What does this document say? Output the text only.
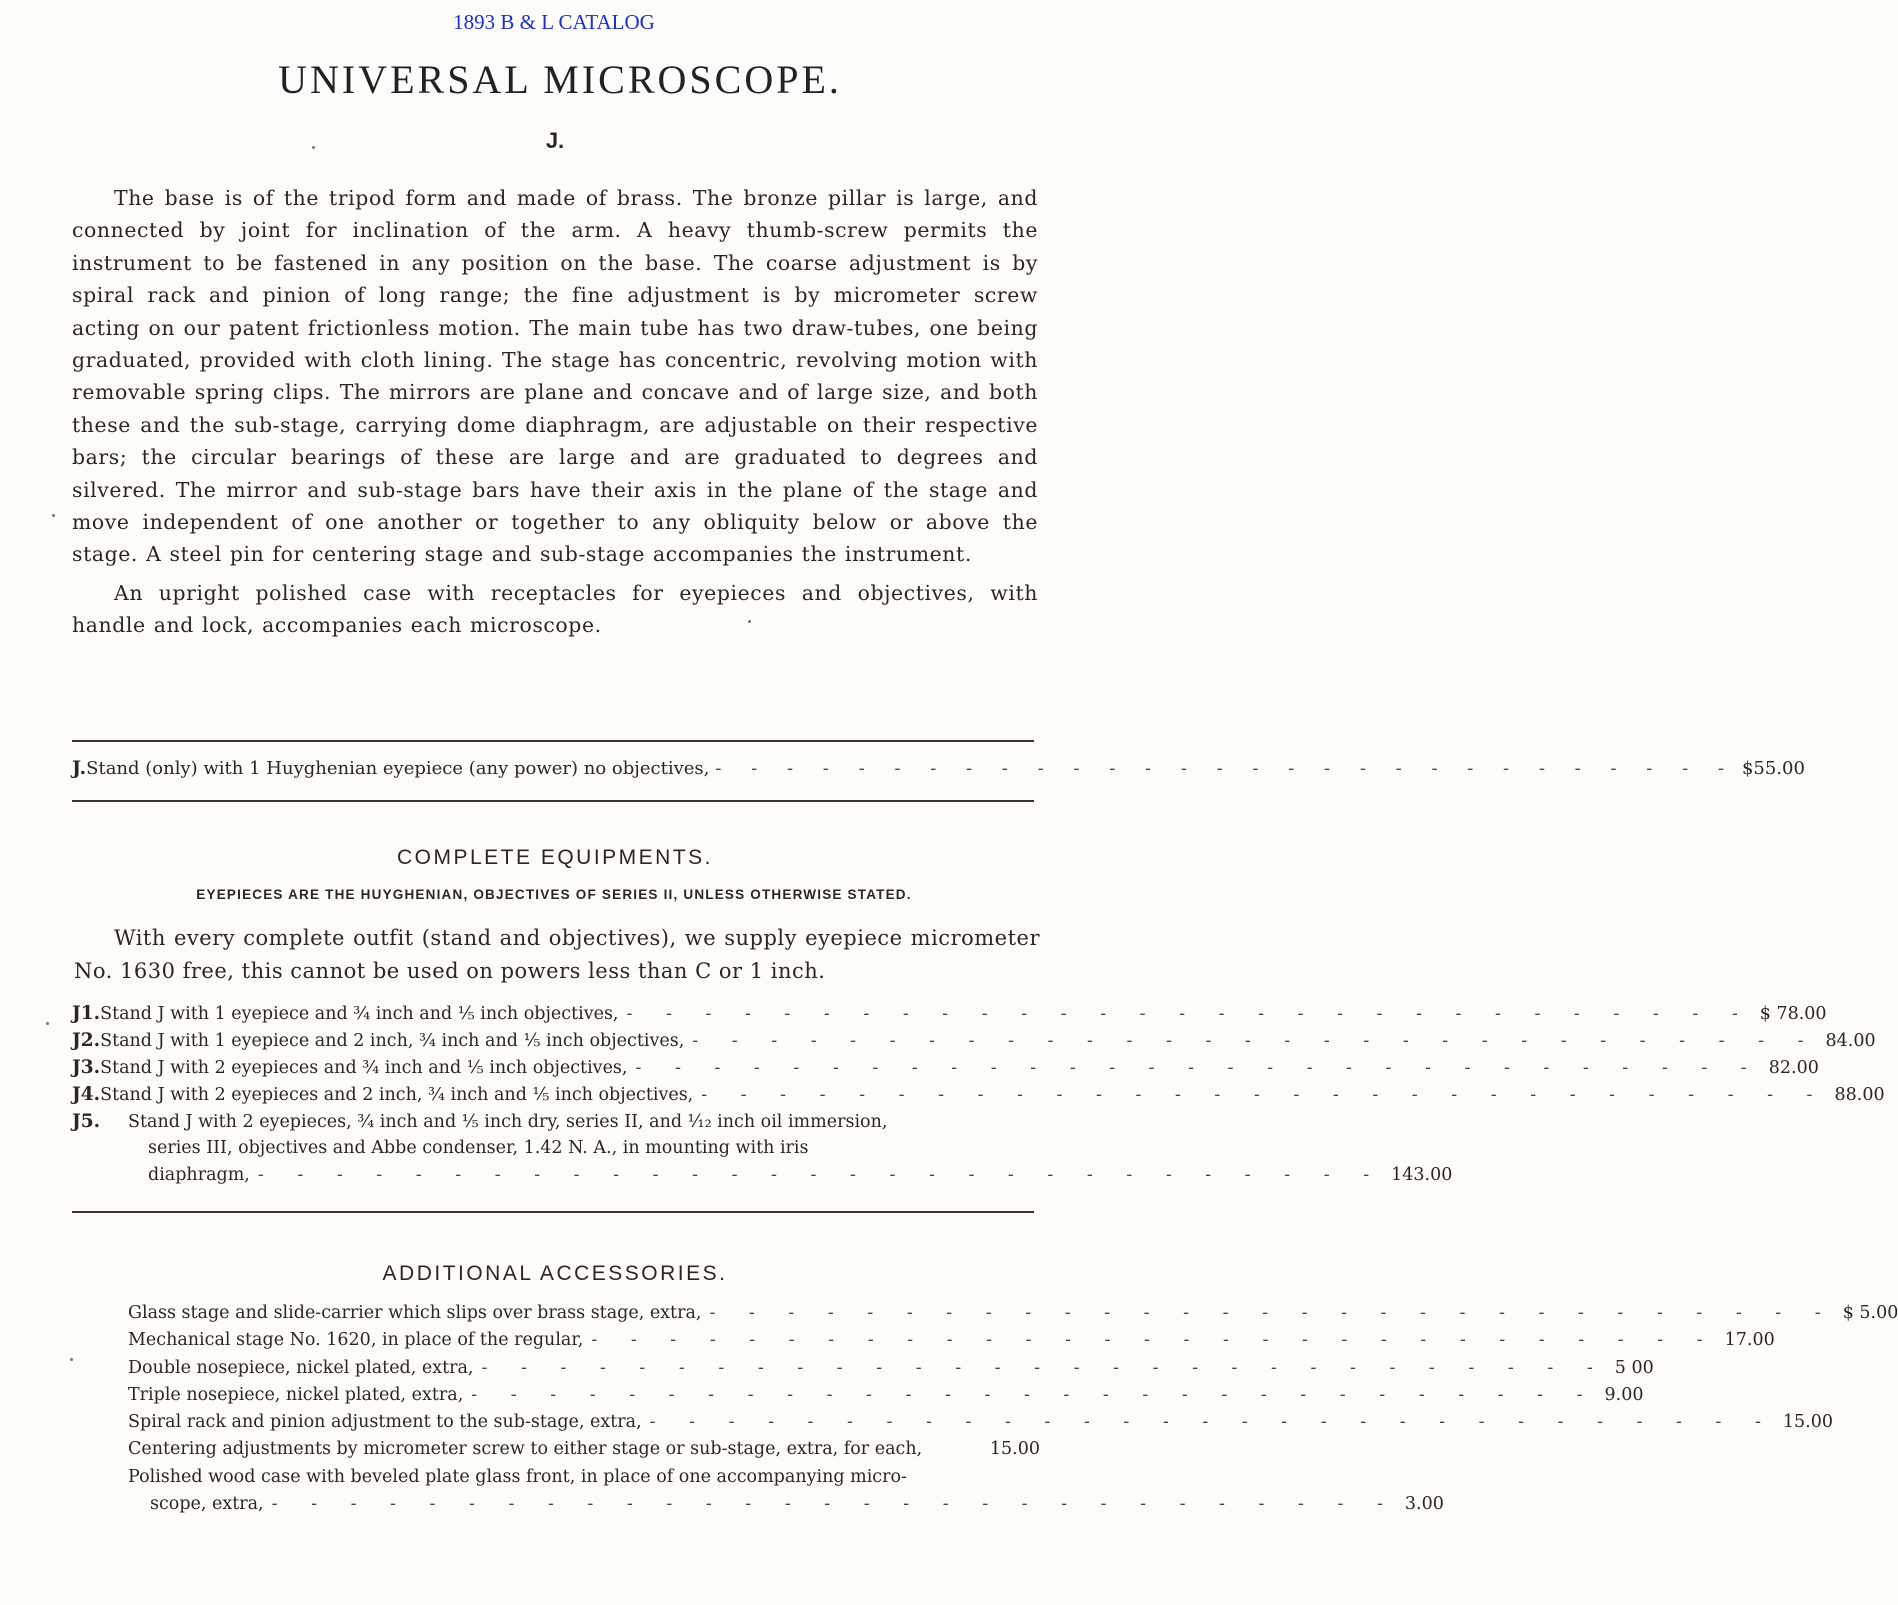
1893 B & L CATALOG
UNIVERSAL MICROSCOPE.
J.

The base is of the tripod form and made of brass. The bronze pillar is large, and connected by joint for inclination of the arm. A heavy thumb-screw permits the instrument to be fastened in any position on the base. The coarse adjustment is by spiral rack and pinion of long range; the fine adjustment is by micrometer screw acting on our patent frictionless motion. The main tube has two draw-tubes, one being graduated, provided with cloth lining. The stage has concentric, revolving motion with removable spring clips. The mirrors are plane and concave and of large size, and both these and the sub-stage, carrying dome diaphragm, are adjustable on their respective bars; the circular bearings of these are large and are graduated to degrees and silvered. The mirror and sub-stage bars have their axis in the plane of the stage and move independent of one another or together to any obliquity below or above the stage. A steel pin for centering stage and sub-stage accompanies the instrument.

An upright polished case with receptacles for eyepieces and objectives, with handle and lock, accompanies each microscope.

J. Stand (only) with 1 Huyghenian eyepiece (any power) no objectives, - - - - - - - - - - - - - - - - - - - - - - - - - - - - - $55.00
COMPLETE EQUIPMENTS.
EYEPIECES ARE THE HUYGHENIAN, OBJECTIVES OF SERIES II, UNLESS OTHERWISE STATED.

With every complete outfit (stand and objectives), we supply eyepiece micrometer No. 1630 free, this cannot be used on powers less than C or 1 inch.

J1. Stand J with 1 eyepiece and ¾ inch and ⅕ inch objectives, - - - - - - - - - - - - - - - - - - - - - - - - - - - - - $ 78.00
J2. Stand J with 1 eyepiece and 2 inch, ¾ inch and ⅕ inch objectives, - - - - - - - - - - - - - - - - - - - - - - - - - - - - - 84.00
J3. Stand J with 2 eyepieces and ¾ inch and ⅕ inch objectives, - - - - - - - - - - - - - - - - - - - - - - - - - - - - - 82.00
J4. Stand J with 2 eyepieces and 2 inch, ¾ inch and ⅕ inch objectives, - - - - - - - - - - - - - - - - - - - - - - - - - - - - - 88.00
J5.	Stand J with 2 eyepieces, ¾ inch and ⅕ inch dry, series II, and ¹⁄₁₂ inch oil immersion,
series III, objectives and Abbe condenser, 1.42 N. A., in mounting with iris
diaphragm, - - - - - - - - - - - - - - - - - - - - - - - - - - - - - 143.00
ADDITIONAL ACCESSORIES.
Glass stage and slide-carrier which slips over brass stage, extra, - - - - - - - - - - - - - - - - - - - - - - - - - - - - - $ 5.00
Mechanical stage No. 1620, in place of the regular, - - - - - - - - - - - - - - - - - - - - - - - - - - - - - 17.00
Double nosepiece, nickel plated, extra, - - - - - - - - - - - - - - - - - - - - - - - - - - - - - 5 00
Triple nosepiece, nickel plated, extra, - - - - - - - - - - - - - - - - - - - - - - - - - - - - - 9.00
Spiral rack and pinion adjustment to the sub-stage, extra, - - - - - - - - - - - - - - - - - - - - - - - - - - - - - 15.00
Centering adjustments by micrometer screw to either stage or sub-stage, extra, for each,	15.00
Polished wood case with beveled plate glass front, in place of one accompanying micro-
scope, extra, - - - - - - - - - - - - - - - - - - - - - - - - - - - - - 3.00
